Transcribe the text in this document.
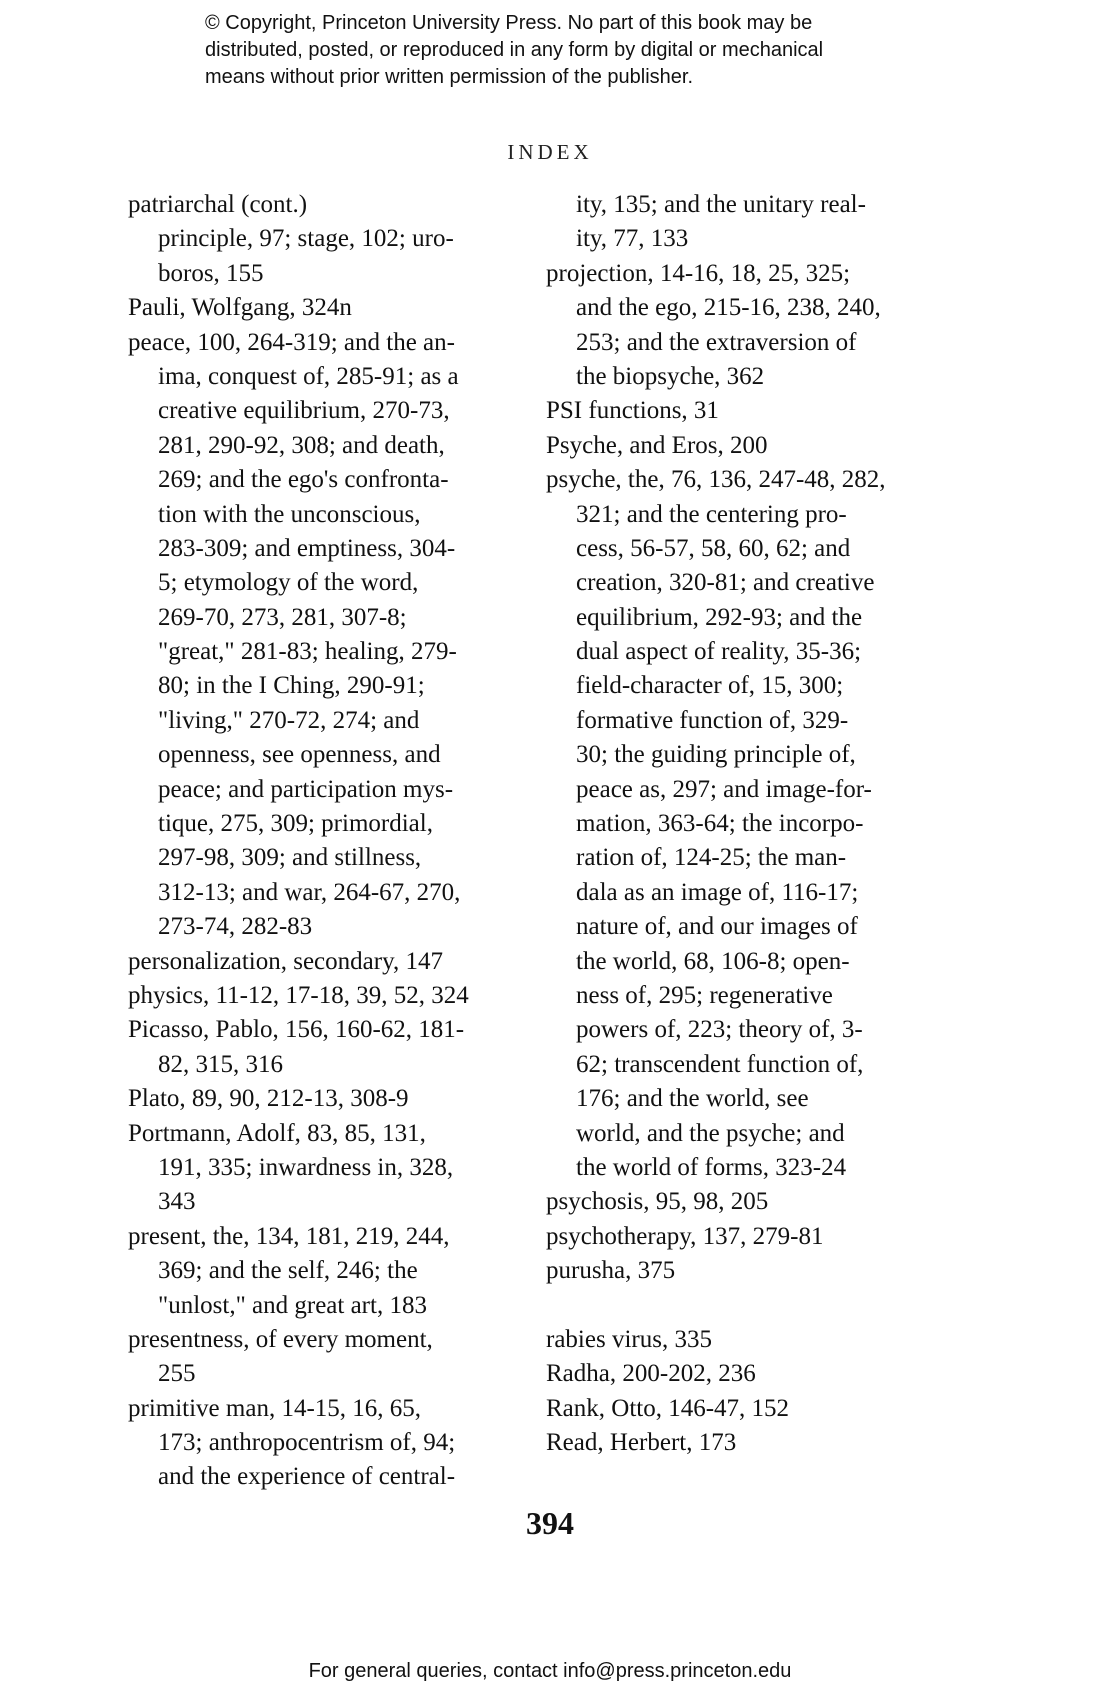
© Copyright, Princeton University Press. No part of this book may be
distributed, posted, or reproduced in any form by digital or mechanical
means without prior written permission of the publisher.
INDEX
patriarchal (cont.)
principle, 97; stage, 102; uro-
boros, 155
Pauli, Wolfgang, 324n
peace, 100, 264-319; and the an-
ima, conquest of, 285-91; as a
creative equilibrium, 270-73,
281, 290-92, 308; and death,
269; and the ego's confronta-
tion with the unconscious,
283-309; and emptiness, 304-
5; etymology of the word,
269-70, 273, 281, 307-8;
"great," 281-83; healing, 279-
80; in the I Ching, 290-91;
"living," 270-72, 274; and
openness, see openness, and
peace; and participation mys-
tique, 275, 309; primordial,
297-98, 309; and stillness,
312-13; and war, 264-67, 270,
273-74, 282-83
personalization, secondary, 147
physics, 11-12, 17-18, 39, 52, 324
Picasso, Pablo, 156, 160-62, 181-
82, 315, 316
Plato, 89, 90, 212-13, 308-9
Portmann, Adolf, 83, 85, 131,
191, 335; inwardness in, 328,
343
present, the, 134, 181, 219, 244,
369; and the self, 246; the
"unlost," and great art, 183
presentness, of every moment,
255
primitive man, 14-15, 16, 65,
173; anthropocentrism of, 94;
and the experience of central-
ity, 135; and the unitary real-
ity, 77, 133
projection, 14-16, 18, 25, 325;
and the ego, 215-16, 238, 240,
253; and the extraversion of
the biopsyche, 362
PSI functions, 31
Psyche, and Eros, 200
psyche, the, 76, 136, 247-48, 282,
321; and the centering pro-
cess, 56-57, 58, 60, 62; and
creation, 320-81; and creative
equilibrium, 292-93; and the
dual aspect of reality, 35-36;
field-character of, 15, 300;
formative function of, 329-
30; the guiding principle of,
peace as, 297; and image-for-
mation, 363-64; the incorpo-
ration of, 124-25; the man-
dala as an image of, 116-17;
nature of, and our images of
the world, 68, 106-8; open-
ness of, 295; regenerative
powers of, 223; theory of, 3-
62; transcendent function of,
176; and the world, see
world, and the psyche; and
the world of forms, 323-24
psychosis, 95, 98, 205
psychotherapy, 137, 279-81
purusha, 375
rabies virus, 335
Radha, 200-202, 236
Rank, Otto, 146-47, 152
Read, Herbert, 173
394
For general queries, contact info@press.princeton.edu
